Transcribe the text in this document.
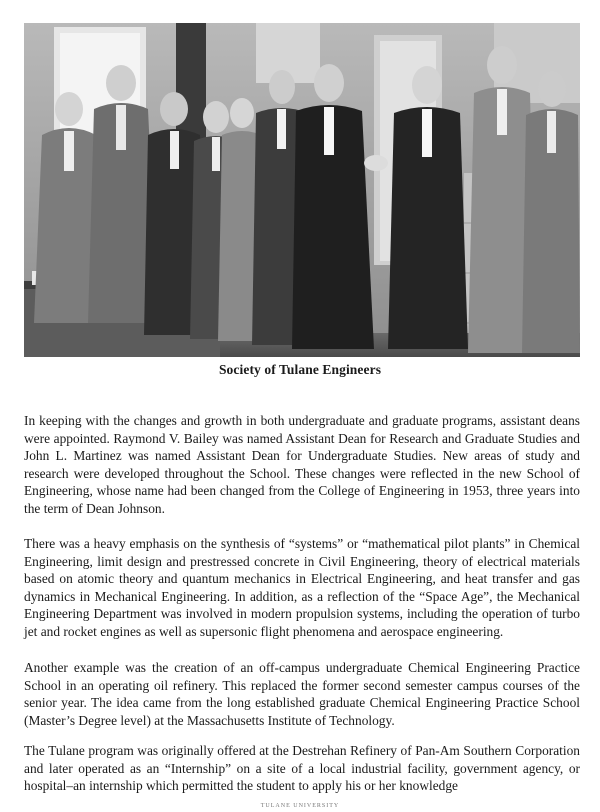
Society of Tulane Engineers

In keeping with the changes and growth in both undergraduate and graduate programs, assistant deans were appointed. Raymond V. Bailey was named Assistant Dean for Research and Graduate Studies and John L. Martinez was named Assistant Dean for Undergraduate Studies. New areas of study and research were developed throughout the School. These changes were reflected in the new School of Engineering, whose name had been changed from the College of Engineering in 1953, three years into the term of Dean Johnson.

There was a heavy emphasis on the synthesis of “systems” or “mathematical pilot plants” in Chemical Engineering, limit design and prestressed concrete in Civil Engineering, theory of electrical materials based on atomic theory and quantum mechanics in Electrical Engineering, and heat transfer and gas dynamics in Mechanical Engineering. In addition, as a reflection of the “Space Age”, the Mechanical Engineering Department was involved in modern propulsion systems, including the operation of turbo jet and rocket engines as well as supersonic flight phenomena and aerospace engineering.

Another example was the creation of an off-campus undergraduate Chemical Engineering Practice School in an operating oil refinery. This replaced the former second semester campus courses of the senior year. The idea came from the long established graduate Chemical Engineering Practice School (Master’s Degree level) at the Massachusetts Institute of Technology.

The Tulane program was originally offered at the Destrehan Refinery of Pan-Am Southern Corporation and later operated as an “Internship” on a site of a local industrial facility, government agency, or hospital–an internship which permitted the student to apply his or her knowledge

TULANE UNIVERSITY
